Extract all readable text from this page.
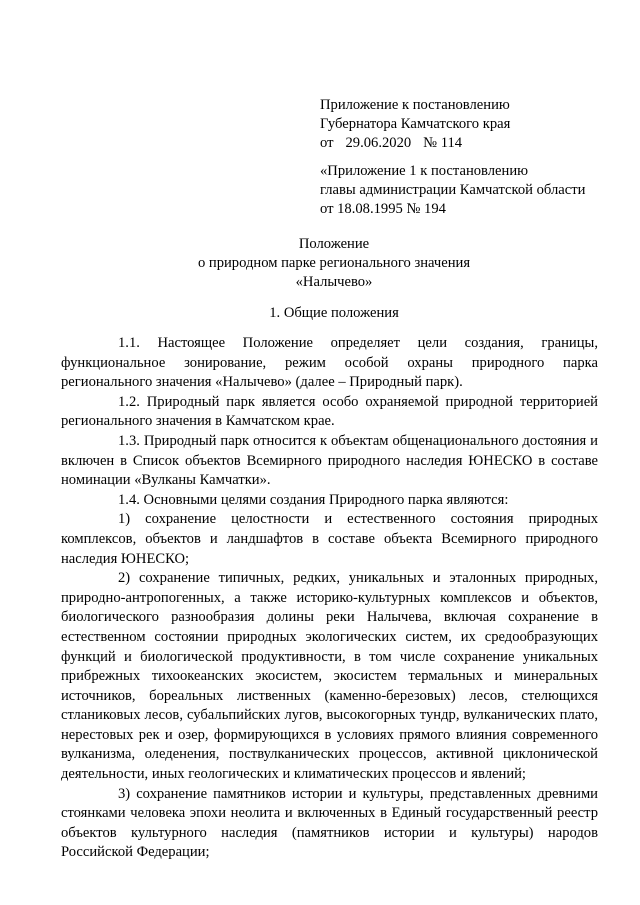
Приложение к постановлению
Губернатора Камчатского края
от 29.06.2020 № 114
«Приложение 1 к постановлению
главы администрации Камчатской области
от 18.08.1995 № 194
Положение
о природном парке регионального значения
«Налычево»
1. Общие положения

1.1. Настоящее Положение определяет цели создания, границы, функциональное зонирование, режим особой охраны природного парка регионального значения «Налычево» (далее – Природный парк).

1.2. Природный парк является особо охраняемой природной территорией регионального значения в Камчатском крае.

1.3. Природный парк относится к объектам общенационального достояния и включен в Список объектов Всемирного природного наследия ЮНЕСКО в составе номинации «Вулканы Камчатки».

1.4. Основными целями создания Природного парка являются:

1) сохранение целостности и естественного состояния природных комплексов, объектов и ландшафтов в составе объекта Всемирного природного наследия ЮНЕСКО;

2) сохранение типичных, редких, уникальных и эталонных природных, природно-антропогенных, а также историко-культурных комплексов и объектов, биологического разнообразия долины реки Налычева, включая сохранение в естественном состоянии природных экологических систем, их средообразующих функций и биологической продуктивности, в том числе сохранение уникальных прибрежных тихоокеанских экосистем, экосистем термальных и минеральных источников, бореальных лиственных (каменно-березовых) лесов, стелющихся стланиковых лесов, субальпийских лугов, высокогорных тундр, вулканических плато, нерестовых рек и озер, формирующихся в условиях прямого влияния современного вулканизма, оледенения, поствулканических процессов, активной циклонической деятельности, иных геологических и климатических процессов и явлений;

3) сохранение памятников истории и культуры, представленных древними стоянками человека эпохи неолита и включенных в Единый государственный реестр объектов культурного наследия (памятников истории и культуры) народов Российской Федерации;
